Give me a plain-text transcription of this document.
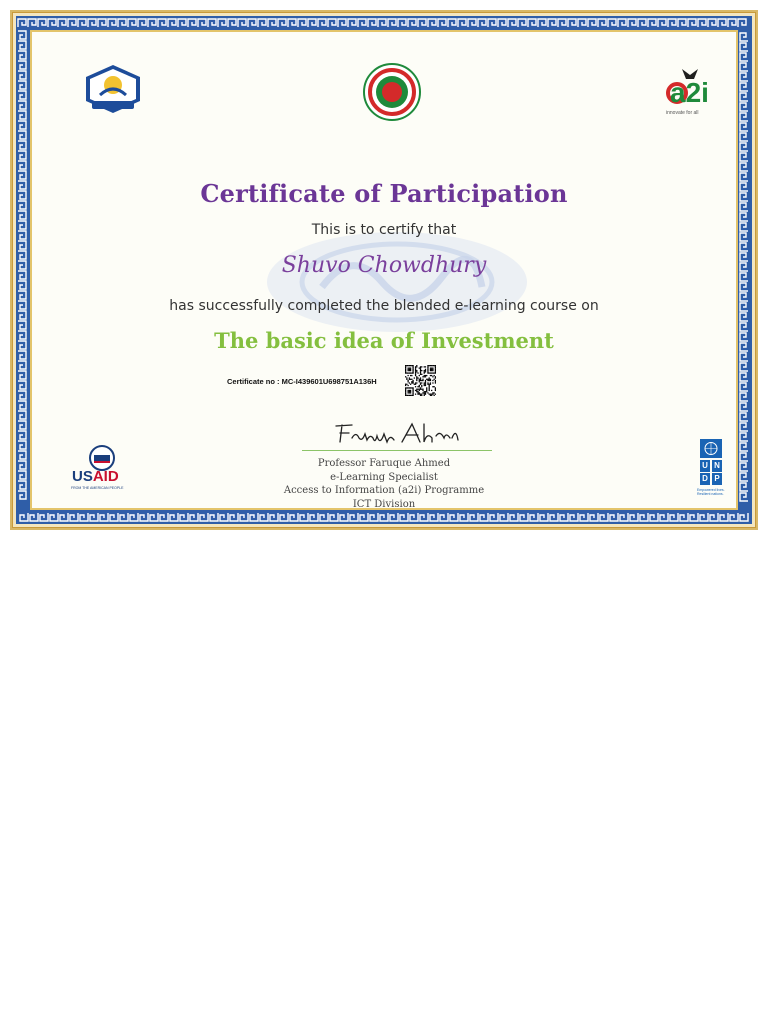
a2i
innovate for all
Certificate of Participation
This is to certify that
Shuvo Chowdhury
has successfully completed the blended e-learning course on
The basic idea of Investment
Certificate no : MC-I439601U698751A136H
Professor Faruque Ahmed
e-Learning Specialist
Access to Information (a2i) Programme
ICT Division
USAID
FROM THE AMERICAN PEOPLE
U N
D P
Empowered lives.
Resilient nations.
